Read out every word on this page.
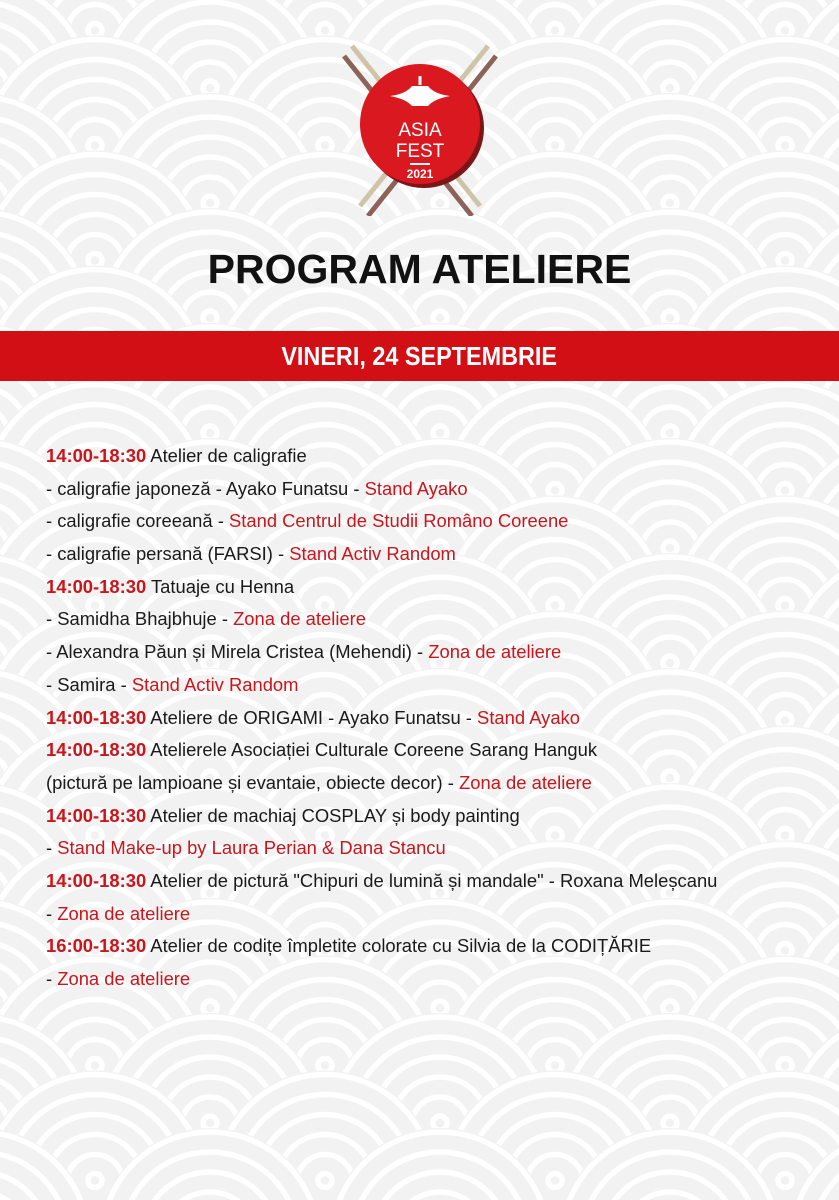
ASIA
FEST
2021
PROGRAM ATELIERE
VINERI, 24 SEPTEMBRIE
14:00-18:30 Atelier de caligrafie
- caligrafie japoneză - Ayako Funatsu - Stand Ayako
- caligrafie coreeană - Stand Centrul de Studii Româno Coreene
- caligrafie persană (FARSI) - Stand Activ Random
14:00-18:30 Tatuaje cu Henna
- Samidha Bhajbhuje - Zona de ateliere
- Alexandra Păun și Mirela Cristea (Mehendi) - Zona de ateliere
- Samira - Stand Activ Random
14:00-18:30 Ateliere de ORIGAMI - Ayako Funatsu - Stand Ayako
14:00-18:30 Atelierele Asociației Culturale Coreene Sarang Hanguk
(pictură pe lampioane și evantaie, obiecte decor) - Zona de ateliere
14:00-18:30 Atelier de machiaj COSPLAY și body painting
- Stand Make-up by Laura Perian & Dana Stancu
14:00-18:30 Atelier de pictură "Chipuri de lumină și mandale" - Roxana Meleșcanu
- Zona de ateliere
16:00-18:30 Atelier de codițe împletite colorate cu Silvia de la CODIȚĂRIE
- Zona de ateliere
